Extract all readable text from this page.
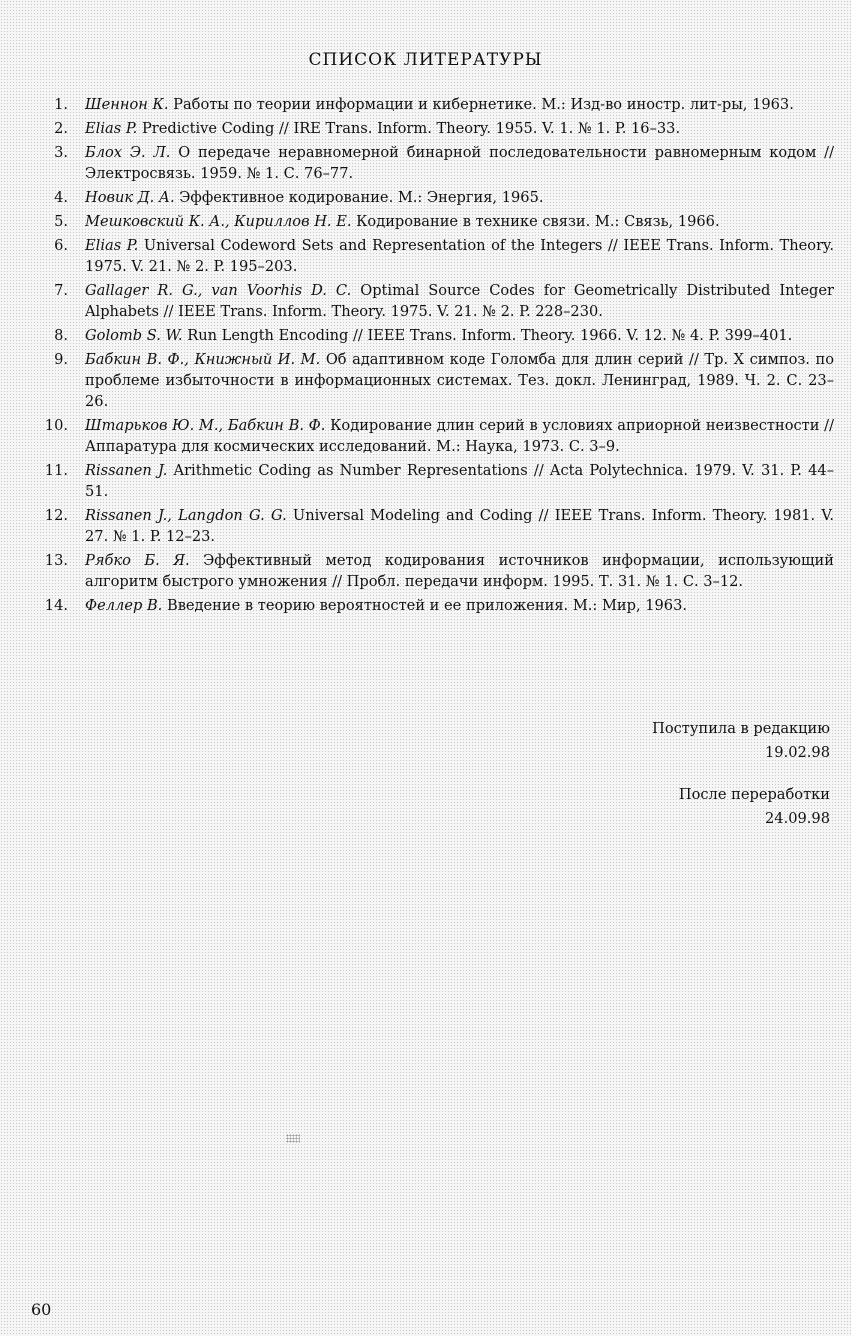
СПИСОК ЛИТЕРАТУРЫ
1. Шеннон К. Работы по теории информации и кибернетике. М.: Изд-во иностр. лит-ры, 1963.
2. Elias P. Predictive Coding // IRE Trans. Inform. Theory. 1955. V. 1. № 1. P. 16–33.
3. Блох Э. Л. О передаче неравномерной бинарной последовательности равномерным кодом // Электросвязь. 1959. № 1. С. 76–77.
4. Новик Д. А. Эффективное кодирование. М.: Энергия, 1965.
5. Мешковский К. А., Кириллов Н. Е. Кодирование в технике связи. М.: Связь, 1966.
6. Elias P. Universal Codeword Sets and Representation of the Integers // IEEE Trans. Inform. Theory. 1975. V. 21. № 2. P. 195–203.
7. Gallager R. G., van Voorhis D. C. Optimal Source Codes for Geometrically Distributed Integer Alphabets // IEEE Trans. Inform. Theory. 1975. V. 21. № 2. P. 228–230.
8. Golomb S. W. Run Length Encoding // IEEE Trans. Inform. Theory. 1966. V. 12. № 4. P. 399–401.
9. Бабкин В. Ф., Книжный И. М. Об адаптивном коде Голомба для длин серий // Тр. X симпоз. по проблеме избыточности в информационных системах. Тез. докл. Ленинград, 1989. Ч. 2. С. 23–26.
10. Штарьков Ю. М., Бабкин В. Ф. Кодирование длин серий в условиях априорной неизвестности // Аппаратура для космических исследований. М.: Наука, 1973. С. 3–9.
11. Rissanen J. Arithmetic Coding as Number Representations // Acta Polytechnica. 1979. V. 31. P. 44–51.
12. Rissanen J., Langdon G. G. Universal Modeling and Coding // IEEE Trans. Inform. Theory. 1981. V. 27. № 1. P. 12–23.
13. Рябко Б. Я. Эффективный метод кодирования источников информации, использующий алгоритм быстрого умножения // Пробл. передачи информ. 1995. Т. 31. № 1. С. 3–12.
14. Феллер В. Введение в теорию вероятностей и ее приложения. М.: Мир, 1963.
Поступила в редакцию
19.02.98
После переработки
24.09.98
60
